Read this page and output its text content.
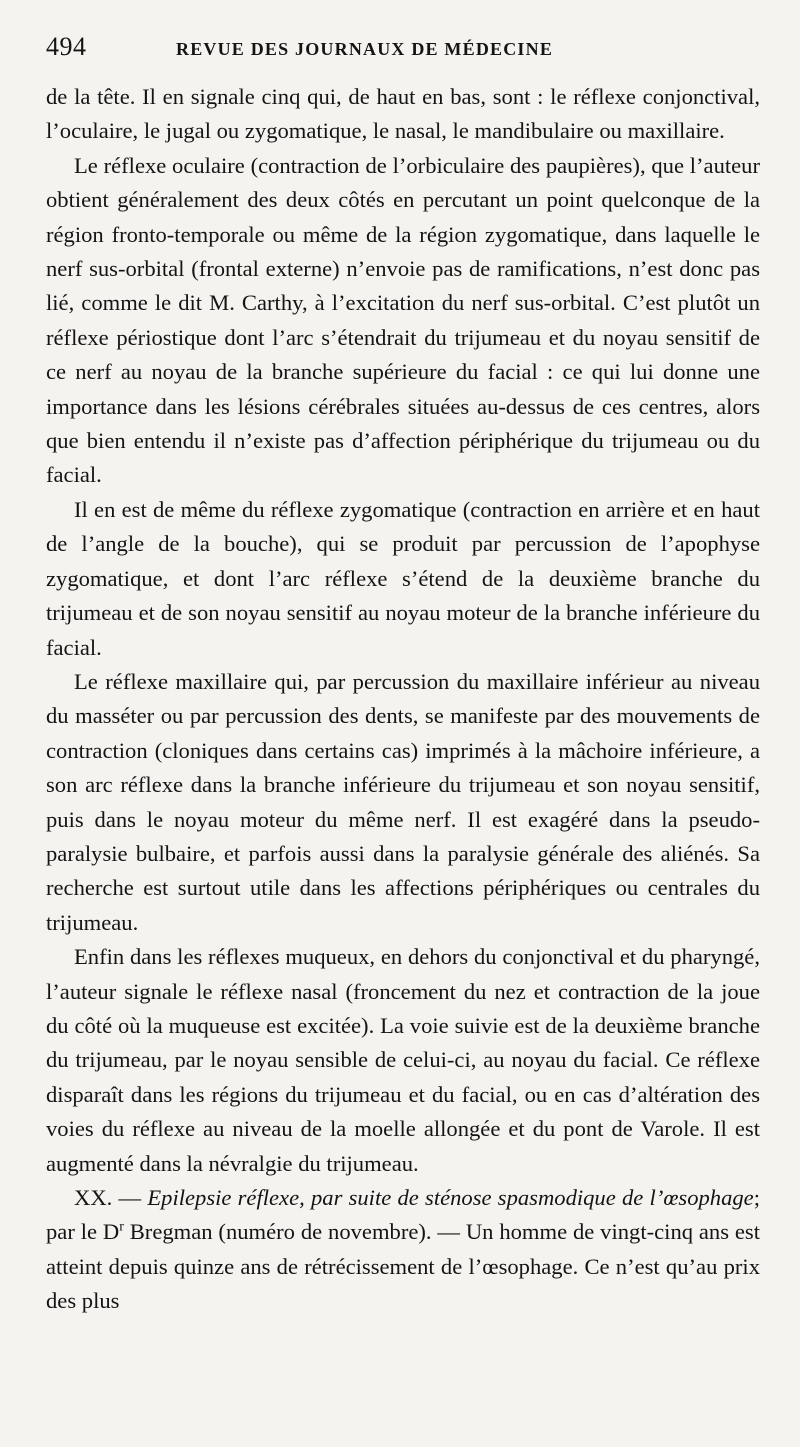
494	REVUE DES JOURNAUX DE MÉDECINE

de la tête. Il en signale cinq qui, de haut en bas, sont : le réflexe conjonctival, l’oculaire, le jugal ou zygomatique, le nasal, le mandibulaire ou maxillaire.

Le réflexe oculaire (contraction de l’orbiculaire des paupières), que l’auteur obtient généralement des deux côtés en percutant un point quelconque de la région fronto-temporale ou même de la région zygomatique, dans laquelle le nerf sus-orbital (frontal externe) n’envoie pas de ramifications, n’est donc pas lié, comme le dit M. Carthy, à l’excitation du nerf sus-orbital. C’est plutôt un réflexe périostique dont l’arc s’étendrait du trijumeau et du noyau sensitif de ce nerf au noyau de la branche supérieure du facial : ce qui lui donne une importance dans les lésions cérébrales situées au-dessus de ces centres, alors que bien entendu il n’existe pas d’affection périphérique du trijumeau ou du facial.

Il en est de même du réflexe zygomatique (contraction en arrière et en haut de l’angle de la bouche), qui se produit par percussion de l’apophyse zygomatique, et dont l’arc réflexe s’étend de la deuxième branche du trijumeau et de son noyau sensitif au noyau moteur de la branche inférieure du facial.

Le réflexe maxillaire qui, par percussion du maxillaire inférieur au niveau du masséter ou par percussion des dents, se manifeste par des mouvements de contraction (cloniques dans certains cas) imprimés à la mâchoire inférieure, a son arc réflexe dans la branche inférieure du trijumeau et son noyau sensitif, puis dans le noyau moteur du même nerf. Il est exagéré dans la pseudo-paralysie bulbaire, et parfois aussi dans la paralysie générale des aliénés. Sa recherche est surtout utile dans les affections périphériques ou centrales du trijumeau.

Enfin dans les réflexes muqueux, en dehors du conjonctival et du pharyngé, l’auteur signale le réflexe nasal (froncement du nez et contraction de la joue du côté où la muqueuse est excitée). La voie suivie est de la deuxième branche du trijumeau, par le noyau sensible de celui-ci, au noyau du facial. Ce réflexe disparaît dans les régions du trijumeau et du facial, ou en cas d’altération des voies du réflexe au niveau de la moelle allongée et du pont de Varole. Il est augmenté dans la névralgie du trijumeau.

XX. — Epilepsie réflexe, par suite de sténose spasmodique de l’œsophage; par le $D^r$ Bregman (numéro de novembre). — Un homme de vingt-cinq ans est atteint depuis quinze ans de rétrécissement de l’œsophage. Ce n’est qu’au prix des plus
